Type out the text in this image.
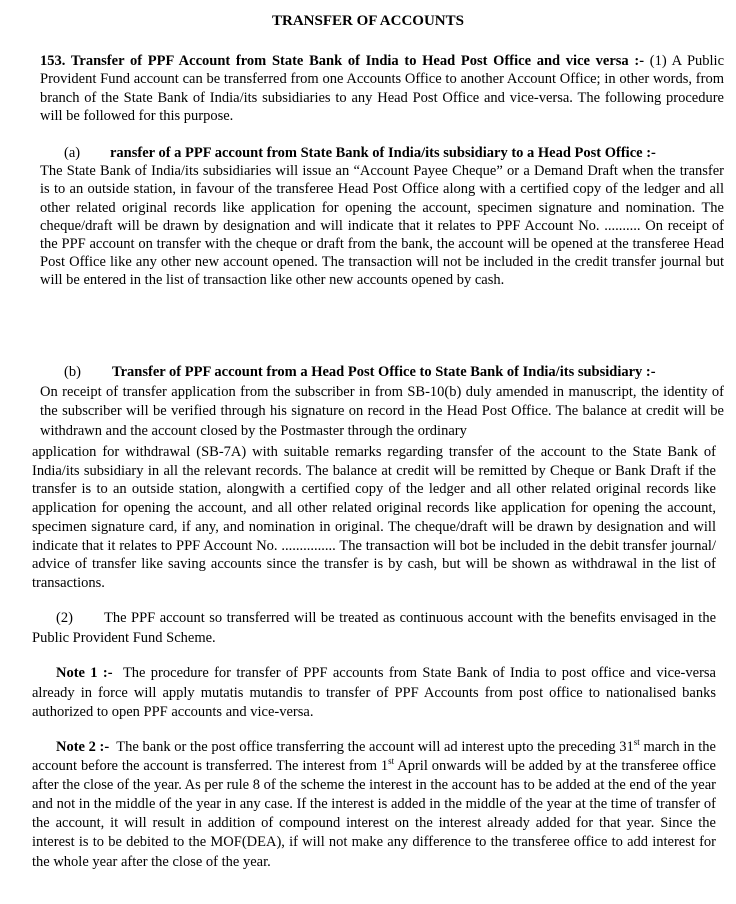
TRANSFER OF ACCOUNTS

153. Transfer of PPF Account from State Bank of India to Head Post Office and vice versa :- (1) A Public Provident Fund account can be transferred from one Accounts Office to another Account Office; in other words, from branch of the State Bank of India/its subsidiaries to any Head Post Office and vice-versa. The following procedure will be followed for this purpose.

(a) ransfer of a PPF account from State Bank of India/its subsidiary to a Head Post Office :-
The State Bank of India/its subsidiaries will issue an “Account Payee Cheque” or a Demand Draft when the transfer is to an outside station, in favour of the transferee Head Post Office along with a certified copy of the ledger and all other related original records like application for opening the account, specimen signature and nomination. The cheque/draft will be drawn by designation and will indicate that it relates to PPF Account No. .......... On receipt of the PPF account on transfer with the cheque or draft from the bank, the account will be opened at the transferee Head Post Office like any other new account opened. The transaction will not be included in the credit transfer journal but will be entered in the list of transaction like other new accounts opened by cash.

(b) Transfer of PPF account from a Head Post Office to State Bank of India/its subsidiary :-
On receipt of transfer application from the subscriber in from SB-10(b) duly amended in manuscript, the identity of the subscriber will be verified through his signature on record in the Head Post Office. The balance at credit will be withdrawn and the account closed by the Postmaster through the ordinary

application for withdrawal (SB-7A) with suitable remarks regarding transfer of the account to the State Bank of India/its subsidiary in all the relevant records. The balance at credit will be remitted by Cheque or Bank Draft if the transfer is to an outside station, alongwith a certified copy of the ledger and all other related original records like application for opening the account, and all other related original records like application for opening the account, specimen signature card, if any, and nomination in original. The cheque/draft will be drawn by designation and will indicate that it relates to PPF Account No. ............... The transaction will bot be included in the debit transfer journal/ advice of transfer like saving accounts since the transfer is by cash, but will be shown as withdrawal in the list of transactions.

(2) The PPF account so transferred will be treated as continuous account with the benefits envisaged in the Public Provident Fund Scheme.

Note 1 :- The procedure for transfer of PPF accounts from State Bank of India to post office and vice-versa already in force will apply mutatis mutandis to transfer of PPF Accounts from post office to nationalised banks authorized to open PPF accounts and vice-versa.

Note 2 :- The bank or the post office transferring the account will ad interest upto the preceding 31st march in the account before the account is transferred. The interest from 1st April onwards will be added by at the transferee office after the close of the year. As per rule 8 of the scheme the interest in the account has to be added at the end of the year and not in the middle of the year in any case. If the interest is added in the middle of the year at the time of transfer of the account, it will result in addition of compound interest on the interest already added for that year. Since the interest is to be debited to the MOF(DEA), if will not make any difference to the transferee office to add interest for the whole year after the close of the year.
